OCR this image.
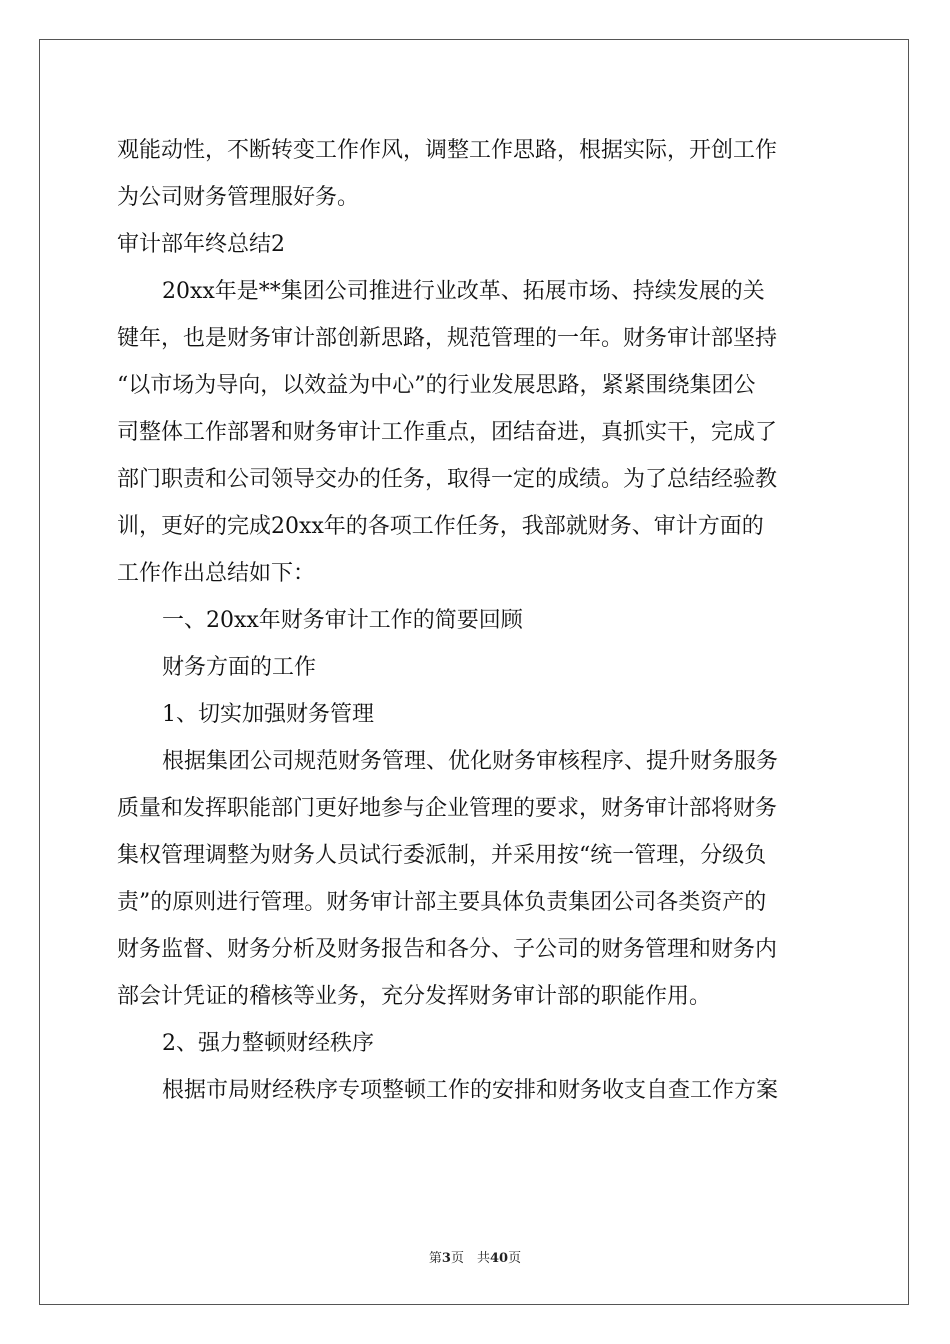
观能动性，不断转变工作作风，调整工作思路，根据实际，开创工作

为公司财务管理服好务。

审计部年终总结2

20xx年是**集团公司推进行业改革、拓展市场、持续发展的关

键年，也是财务审计部创新思路，规范管理的一年。财务审计部坚持

“以市场为导向，以效益为中心”的行业发展思路，紧紧围绕集团公

司整体工作部署和财务审计工作重点，团结奋进，真抓实干，完成了

部门职责和公司领导交办的任务，取得一定的成绩。为了总结经验教

训，更好的完成20xx年的各项工作任务，我部就财务、审计方面的

工作作出总结如下：

一、20xx年财务审计工作的简要回顾

财务方面的工作

1、切实加强财务管理

根据集团公司规范财务管理、优化财务审核程序、提升财务服务

质量和发挥职能部门更好地参与企业管理的要求，财务审计部将财务

集权管理调整为财务人员试行委派制，并采用按“统一管理，分级负

责”的原则进行管理。财务审计部主要具体负责集团公司各类资产的

财务监督、财务分析及财务报告和各分、子公司的财务管理和财务内

部会计凭证的稽核等业务，充分发挥财务审计部的职能作用。

2、强力整顿财经秩序

根据市局财经秩序专项整顿工作的安排和财务收支自查工作方案

第3页　共40页
